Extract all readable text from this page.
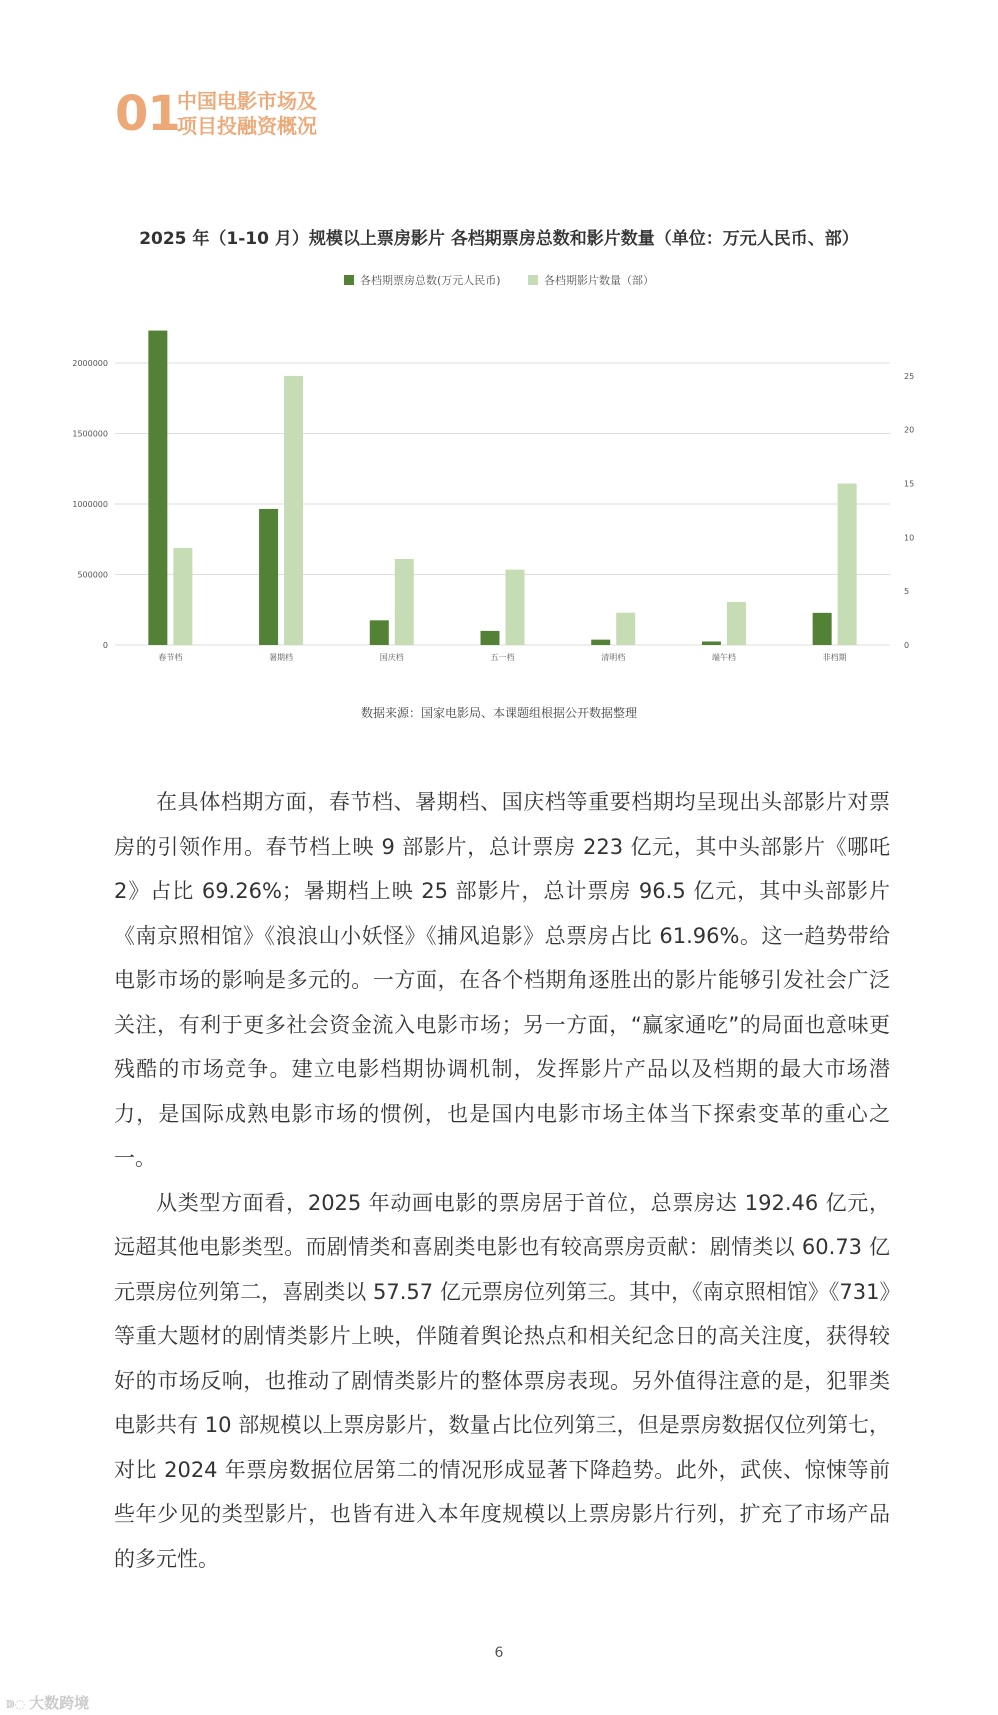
01
中国电影市场及
项目投融资概况
2025 年（1-10 月）规模以上票房影片 各档期票房总数和影片数量（单位：万元人民币、部）
各档期票房总数(万元人民币)	各档期影片数量（部）
0
500000
1000000
1500000
2000000
0
5
10
15
20
25
春节档	暑期档	国庆档	五一档	清明档	端午档	非档期
数据来源：国家电影局、本课题组根据公开数据整理

在具体档期方面，春节档、暑期档、国庆档等重要档期均呈现出头部影片对票房的引领作用。春节档上映 9 部影片，总计票房 223 亿元，其中头部影片《哪吒 2》占比 69.26%；暑期档上映 25 部影片，总计票房 96.5 亿元，其中头部影片《南京照相馆》《浪浪山小妖怪》《捕风追影》总票房占比 61.96%。这一趋势带给电影市场的影响是多元的。一方面，在各个档期角逐胜出的影片能够引发社会广泛关注，有利于更多社会资金流入电影市场；另一方面，“赢家通吃”的局面也意味更残酷的市场竞争。建立电影档期协调机制，发挥影片产品以及档期的最大市场潜力，是国际成熟电影市场的惯例，也是国内电影市场主体当下探索变革的重心之一。

从类型方面看，2025 年动画电影的票房居于首位，总票房达 192.46 亿元，远超其他电影类型。而剧情类和喜剧类电影也有较高票房贡献：剧情类以 60.73 亿元票房位列第二，喜剧类以 57.57 亿元票房位列第三。其中，《南京照相馆》《731》等重大题材的剧情类影片上映，伴随着舆论热点和相关纪念日的高关注度，获得较好的市场反响，也推动了剧情类影片的整体票房表现。另外值得注意的是，犯罪类电影共有 10 部规模以上票房影片，数量占比位列第三，但是票房数据仅位列第七，对比 2024 年票房数据位居第二的情况形成显著下降趋势。此外，武侠、惊悚等前些年少见的类型影片，也皆有进入本年度规模以上票房影片行列，扩充了市场产品的多元性。

6
ↇ◌ 大数跨境
